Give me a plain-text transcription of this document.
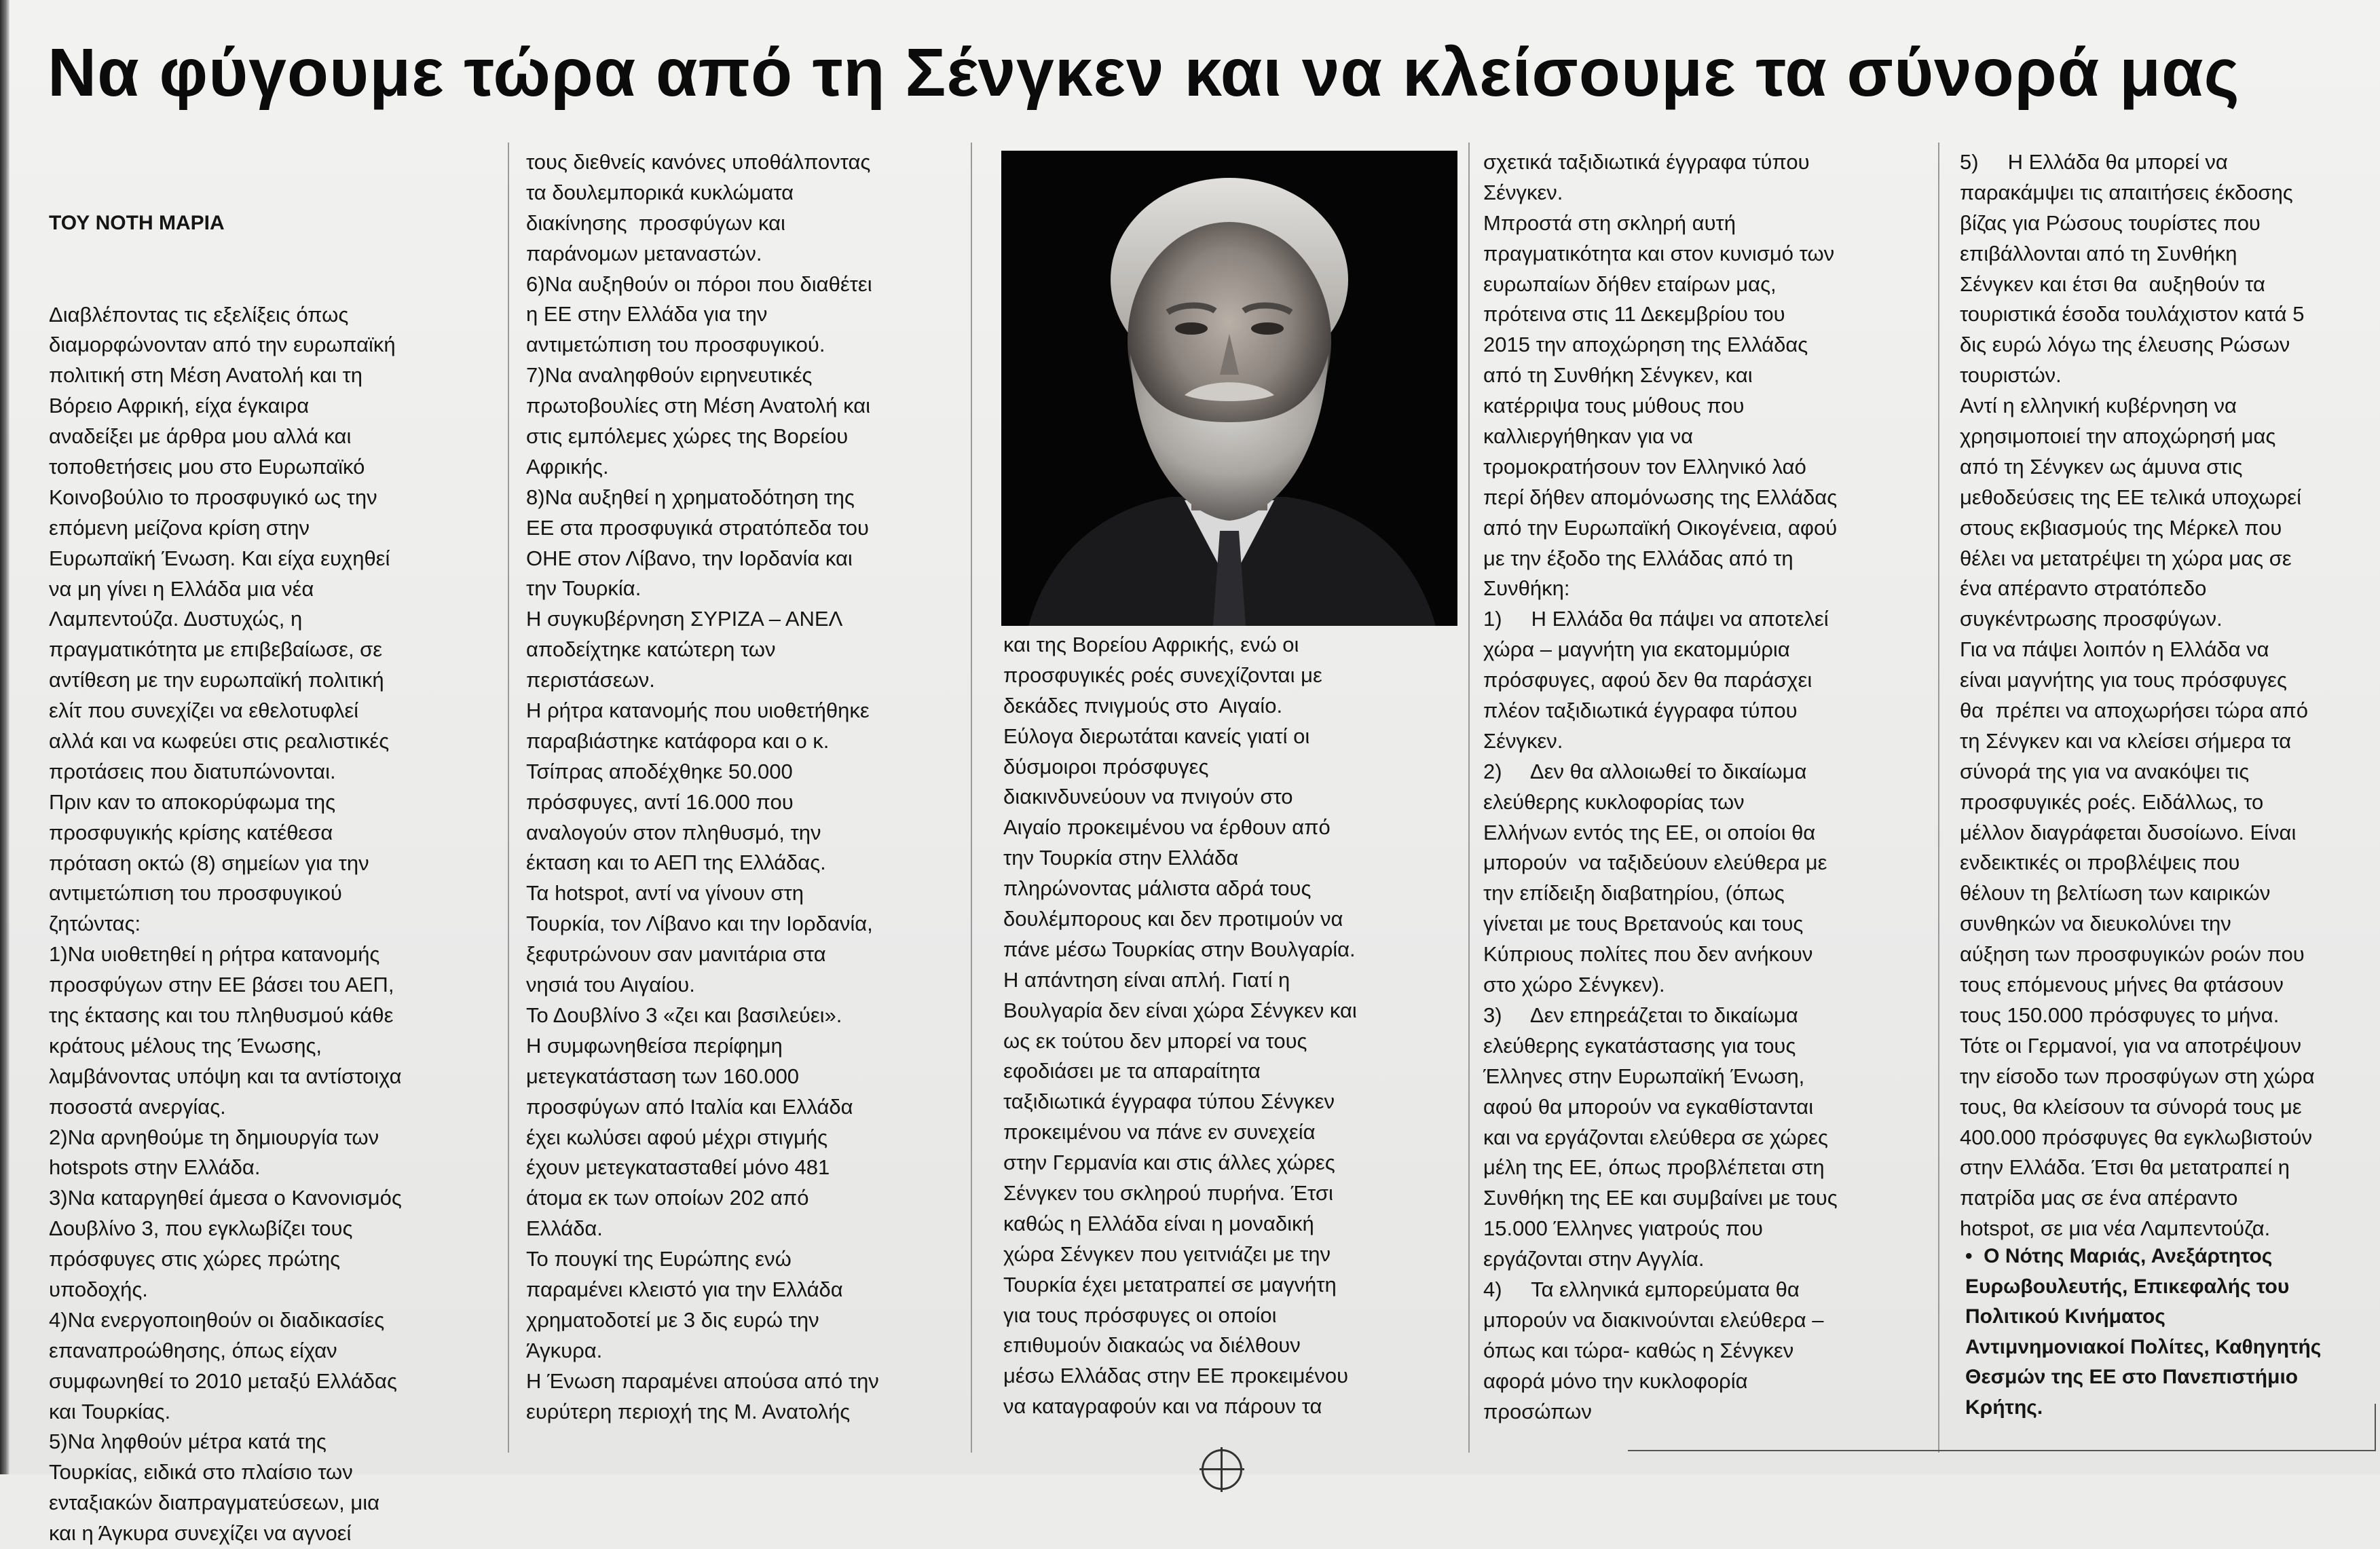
Να φύγουμε τώρα από τη Σένγκεν και να κλείσουμε τα σύνορά μας

ΤΟΥ ΝΟΤΗ ΜΑΡΙΑ

Διαβλέποντας τις εξελίξεις όπως
διαμορφώνονταν από την ευρωπαϊκή
πολιτική στη Μέση Ανατολή και τη
Βόρειο Αφρική, είχα έγκαιρα
αναδείξει με άρθρα μου αλλά και
τοποθετήσεις μου στο Ευρωπαϊκό
Κοινοβούλιο το προσφυγικό ως την
επόμενη μείζονα κρίση στην
Ευρωπαϊκή Ένωση. Και είχα ευχηθεί
να μη γίνει η Ελλάδα μια νέα
Λαμπεντούζα. Δυστυχώς, η
πραγματικότητα με επιβεβαίωσε, σε
αντίθεση με την ευρωπαϊκή πολιτική
ελίτ που συνεχίζει να εθελοτυφλεί
αλλά και να κωφεύει στις ρεαλιστικές
προτάσεις που διατυπώνονται.
Πριν καν το αποκορύφωμα της
προσφυγικής κρίσης κατέθεσα
πρόταση οκτώ (8) σημείων για την
αντιμετώπιση του προσφυγικού
ζητώντας:
1)Να υιοθετηθεί η ρήτρα κατανομής
προσφύγων στην ΕΕ βάσει του ΑΕΠ,
της έκτασης και του πληθυσμού κάθε
κράτους μέλους της Ένωσης,
λαμβάνοντας υπόψη και τα αντίστοιχα
ποσοστά ανεργίας.
2)Να αρνηθούμε τη δημιουργία των
hotspots στην Ελλάδα.
3)Να καταργηθεί άμεσα ο Κανονισμός
Δουβλίνο 3, που εγκλωβίζει τους
πρόσφυγες στις χώρες πρώτης
υποδοχής.
4)Να ενεργοποιηθούν οι διαδικασίες
επαναπροώθησης, όπως είχαν
συμφωνηθεί το 2010 μεταξύ Ελλάδας
και Τουρκίας.
5)Να ληφθούν μέτρα κατά της
Τουρκίας, ειδικά στο πλαίσιο των
ενταξιακών διαπραγματεύσεων, μια
και η Άγκυρα συνεχίζει να αγνοεί
τους διεθνείς κανόνες υποθάλποντας
τα δουλεμπορικά κυκλώματα
διακίνησης  προσφύγων και
παράνομων μεταναστών.
6)Να αυξηθούν οι πόροι που διαθέτει
η ΕΕ στην Ελλάδα για την
αντιμετώπιση του προσφυγικού.
7)Να αναληφθούν ειρηνευτικές
πρωτοβουλίες στη Μέση Ανατολή και
στις εμπόλεμες χώρες της Βορείου
Αφρικής.
8)Να αυξηθεί η χρηματοδότηση της
ΕΕ στα προσφυγικά στρατόπεδα του
ΟΗΕ στον Λίβανο, την Ιορδανία και
την Τουρκία.
Η συγκυβέρνηση ΣΥΡΙΖΑ – ΑΝΕΛ
αποδείχτηκε κατώτερη των
περιστάσεων.
Η ρήτρα κατανομής που υιοθετήθηκε
παραβιάστηκε κατάφορα και ο κ.
Τσίπρας αποδέχθηκε 50.000
πρόσφυγες, αντί 16.000 που
αναλογούν στον πληθυσμό, την
έκταση και το ΑΕΠ της Ελλάδας.
Τα hotspot, αντί να γίνουν στη
Τουρκία, τον Λίβανο και την Ιορδανία,
ξεφυτρώνουν σαν μανιτάρια στα
νησιά του Αιγαίου.
Το Δουβλίνο 3 «ζει και βασιλεύει».
Η συμφωνηθείσα περίφημη
μετεγκατάσταση των 160.000
προσφύγων από Ιταλία και Ελλάδα
έχει κωλύσει αφού μέχρι στιγμής
έχουν μετεγκατασταθεί μόνο 481
άτομα εκ των οποίων 202 από
Ελλάδα.
Το πουγκί της Ευρώπης ενώ
παραμένει κλειστό για την Ελλάδα
χρηματοδοτεί με 3 δις ευρώ την
Άγκυρα.
Η Ένωση παραμένει απούσα από την
ευρύτερη περιοχή της Μ. Ανατολής
και της Βορείου Αφρικής, ενώ οι
προσφυγικές ροές συνεχίζονται με
δεκάδες πνιγμούς στο  Αιγαίο.
Εύλογα διερωτάται κανείς γιατί οι
δύσμοιροι πρόσφυγες
διακινδυνεύουν να πνιγούν στο
Αιγαίο προκειμένου να έρθουν από
την Τουρκία στην Ελλάδα
πληρώνοντας μάλιστα αδρά τους
δουλέμπορους και δεν προτιμούν να
πάνε μέσω Τουρκίας στην Βουλγαρία.
Η απάντηση είναι απλή. Γιατί η
Βουλγαρία δεν είναι χώρα Σένγκεν και
ως εκ τούτου δεν μπορεί να τους
εφοδιάσει με τα απαραίτητα
ταξιδιωτικά έγγραφα τύπου Σένγκεν
προκειμένου να πάνε εν συνεχεία
στην Γερμανία και στις άλλες χώρες
Σένγκεν του σκληρού πυρήνα. Έτσι
καθώς η Ελλάδα είναι η μοναδική
χώρα Σένγκεν που γειτνιάζει με την
Τουρκία έχει μετατραπεί σε μαγνήτη
για τους πρόσφυγες οι οποίοι
επιθυμούν διακαώς να διέλθουν
μέσω Ελλάδας στην ΕΕ προκειμένου
να καταγραφούν και να πάρουν τα
σχετικά ταξιδιωτικά έγγραφα τύπου
Σένγκεν.
Μπροστά στη σκληρή αυτή
πραγματικότητα και στον κυνισμό των
ευρωπαίων δήθεν εταίρων μας,
πρότεινα στις 11 Δεκεμβρίου του
2015 την αποχώρηση της Ελλάδας
από τη Συνθήκη Σένγκεν, και
κατέρριψα τους μύθους που
καλλιεργήθηκαν για να
τρομοκρατήσουν τον Ελληνικό λαό
περί δήθεν απομόνωσης της Ελλάδας
από την Ευρωπαϊκή Οικογένεια, αφού
με την έξοδο της Ελλάδας από τη
Συνθήκη:
1)     Η Ελλάδα θα πάψει να αποτελεί
χώρα – μαγνήτη για εκατομμύρια
πρόσφυγες, αφού δεν θα παράσχει
πλέον ταξιδιωτικά έγγραφα τύπου
Σένγκεν.
2)     Δεν θα αλλοιωθεί το δικαίωμα
ελεύθερης κυκλοφορίας των
Ελλήνων εντός της ΕΕ, οι οποίοι θα
μπορούν  να ταξιδεύουν ελεύθερα με
την επίδειξη διαβατηρίου, (όπως
γίνεται με τους Βρετανούς και τους
Κύπριους πολίτες που δεν ανήκουν
στο χώρο Σένγκεν).
3)     Δεν επηρεάζεται το δικαίωμα
ελεύθερης εγκατάστασης για τους
Έλληνες στην Ευρωπαϊκή Ένωση,
αφού θα μπορούν να εγκαθίστανται
και να εργάζονται ελεύθερα σε χώρες
μέλη της ΕΕ, όπως προβλέπεται στη
Συνθήκη της ΕΕ και συμβαίνει με τους
15.000 Έλληνες γιατρούς που
εργάζονται στην Αγγλία.
4)     Τα ελληνικά εμπορεύματα θα
μπορούν να διακινούνται ελεύθερα –
όπως και τώρα- καθώς η Σένγκεν
αφορά μόνο την κυκλοφορία
προσώπων
5)     Η Ελλάδα θα μπορεί να
παρακάμψει τις απαιτήσεις έκδοσης
βίζας για Ρώσους τουρίστες που
επιβάλλονται από τη Συνθήκη
Σένγκεν και έτσι θα  αυξηθούν τα
τουριστικά έσοδα τουλάχιστον κατά 5
δις ευρώ λόγω της έλευσης Ρώσων
τουριστών.
Αντί η ελληνική κυβέρνηση να
χρησιμοποιεί την αποχώρησή μας
από τη Σένγκεν ως άμυνα στις
μεθοδεύσεις της ΕΕ τελικά υποχωρεί
στους εκβιασμούς της Μέρκελ που
θέλει να μετατρέψει τη χώρα μας σε
ένα απέραντο στρατόπεδο
συγκέντρωσης προσφύγων.
Για να πάψει λοιπόν η Ελλάδα να
είναι μαγνήτης για τους πρόσφυγες
θα  πρέπει να αποχωρήσει τώρα από
τη Σένγκεν και να κλείσει σήμερα τα
σύνορά της για να ανακόψει τις
προσφυγικές ροές. Ειδάλλως, το
μέλλον διαγράφεται δυσοίωνο. Είναι
ενδεικτικές οι προβλέψεις που
θέλουν τη βελτίωση των καιρικών
συνθηκών να διευκολύνει την
αύξηση των προσφυγικών ροών που
τους επόμενους μήνες θα φτάσουν
τους 150.000 πρόσφυγες το μήνα.
Τότε οι Γερμανοί, για να αποτρέψουν
την είσοδο των προσφύγων στη χώρα
τους, θα κλείσουν τα σύνορά τους με
400.000 πρόσφυγες θα εγκλωβιστούν
στην Ελλάδα. Έτσι θα μετατραπεί η
πατρίδα μας σε ένα απέραντο
hotspot, σε μια νέα Λαμπεντούζα.
•  Ο Νότης Μαριάς, Ανεξάρτητος
Ευρωβουλευτής, Επικεφαλής του
Πολιτικού Κινήματος
Αντιμνημονιακοί Πολίτες, Καθηγητής
Θεσμών της ΕΕ στο Πανεπιστήμιο
Κρήτης.
